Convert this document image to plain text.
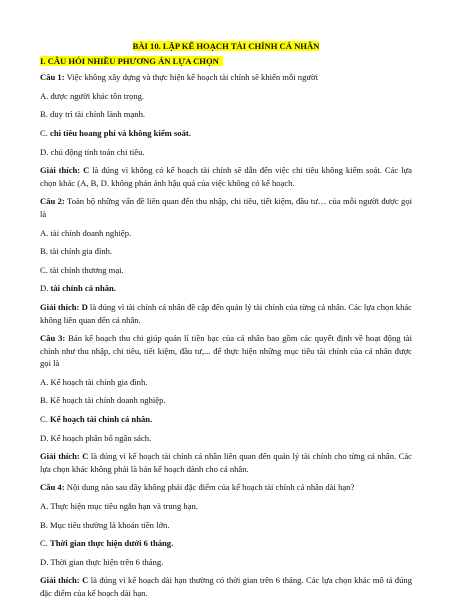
BÀI 10. LẬP KẾ HOẠCH TÀI CHÍNH CÁ NHÂN
I. CÂU HỎI NHIỀU PHƯƠNG ÁN LỰA CHỌN

Câu 1: Việc không xây dựng và thực hiện kế hoạch tài chính sẽ khiến mỗi người

A. được người khác tôn trọng.

B. duy trì tài chính lành mạnh.

C. chi tiêu hoang phí và không kiểm soát.

D. chủ động tính toán chi tiêu.

Giải thích: C là đúng vì không có kế hoạch tài chính sẽ dẫn đến việc chi tiêu không kiểm soát. Các lựa chọn khác (A, B, D. không phản ánh hậu quả của việc không có kế hoạch.

Câu 2: Toàn bộ những vấn đề liên quan đến thu nhập, chi tiêu, tiết kiệm, đầu tư… của mỗi người được gọi là

A. tài chính doanh nghiệp.

B. tài chính gia đình.

C. tài chính thương mại.

D. tài chính cá nhân.

Giải thích: D là đúng vì tài chính cá nhân đề cập đến quản lý tài chính của từng cá nhân. Các lựa chọn khác không liên quan đến cá nhân.

Câu 3: Bản kế hoạch thu chi giúp quản lí tiền bạc của cá nhân bao gồm các quyết định về hoạt động tài chính như thu nhập, chi tiêu, tiết kiệm, đầu tư,... để thực hiện những mục tiêu tài chính của cá nhân được gọi là

A. Kế hoạch tài chính gia đình.

B. Kế hoạch tài chính doanh nghiệp.

C. Kế hoạch tài chính cá nhân.

D. Kế hoạch phân bổ ngân sách.

Giải thích: C là đúng vì kế hoạch tài chính cá nhân liên quan đến quản lý tài chính cho từng cá nhân. Các lựa chọn khác không phải là bản kế hoạch dành cho cá nhân.

Câu 4: Nội dung nào sau đây không phải đặc điểm của kế hoạch tài chính cá nhân dài hạn?

A. Thực hiện mục tiêu ngắn hạn và trung hạn.

B. Mục tiêu thường là khoản tiền lớn.

C. Thời gian thực hiện dưới 6 tháng.

D. Thời gian thực hiện trên 6 tháng.

Giải thích: C là đúng vì kế hoạch dài hạn thường có thời gian trên 6 tháng. Các lựa chọn khác mô tả đúng đặc điểm của kế hoạch dài hạn.
